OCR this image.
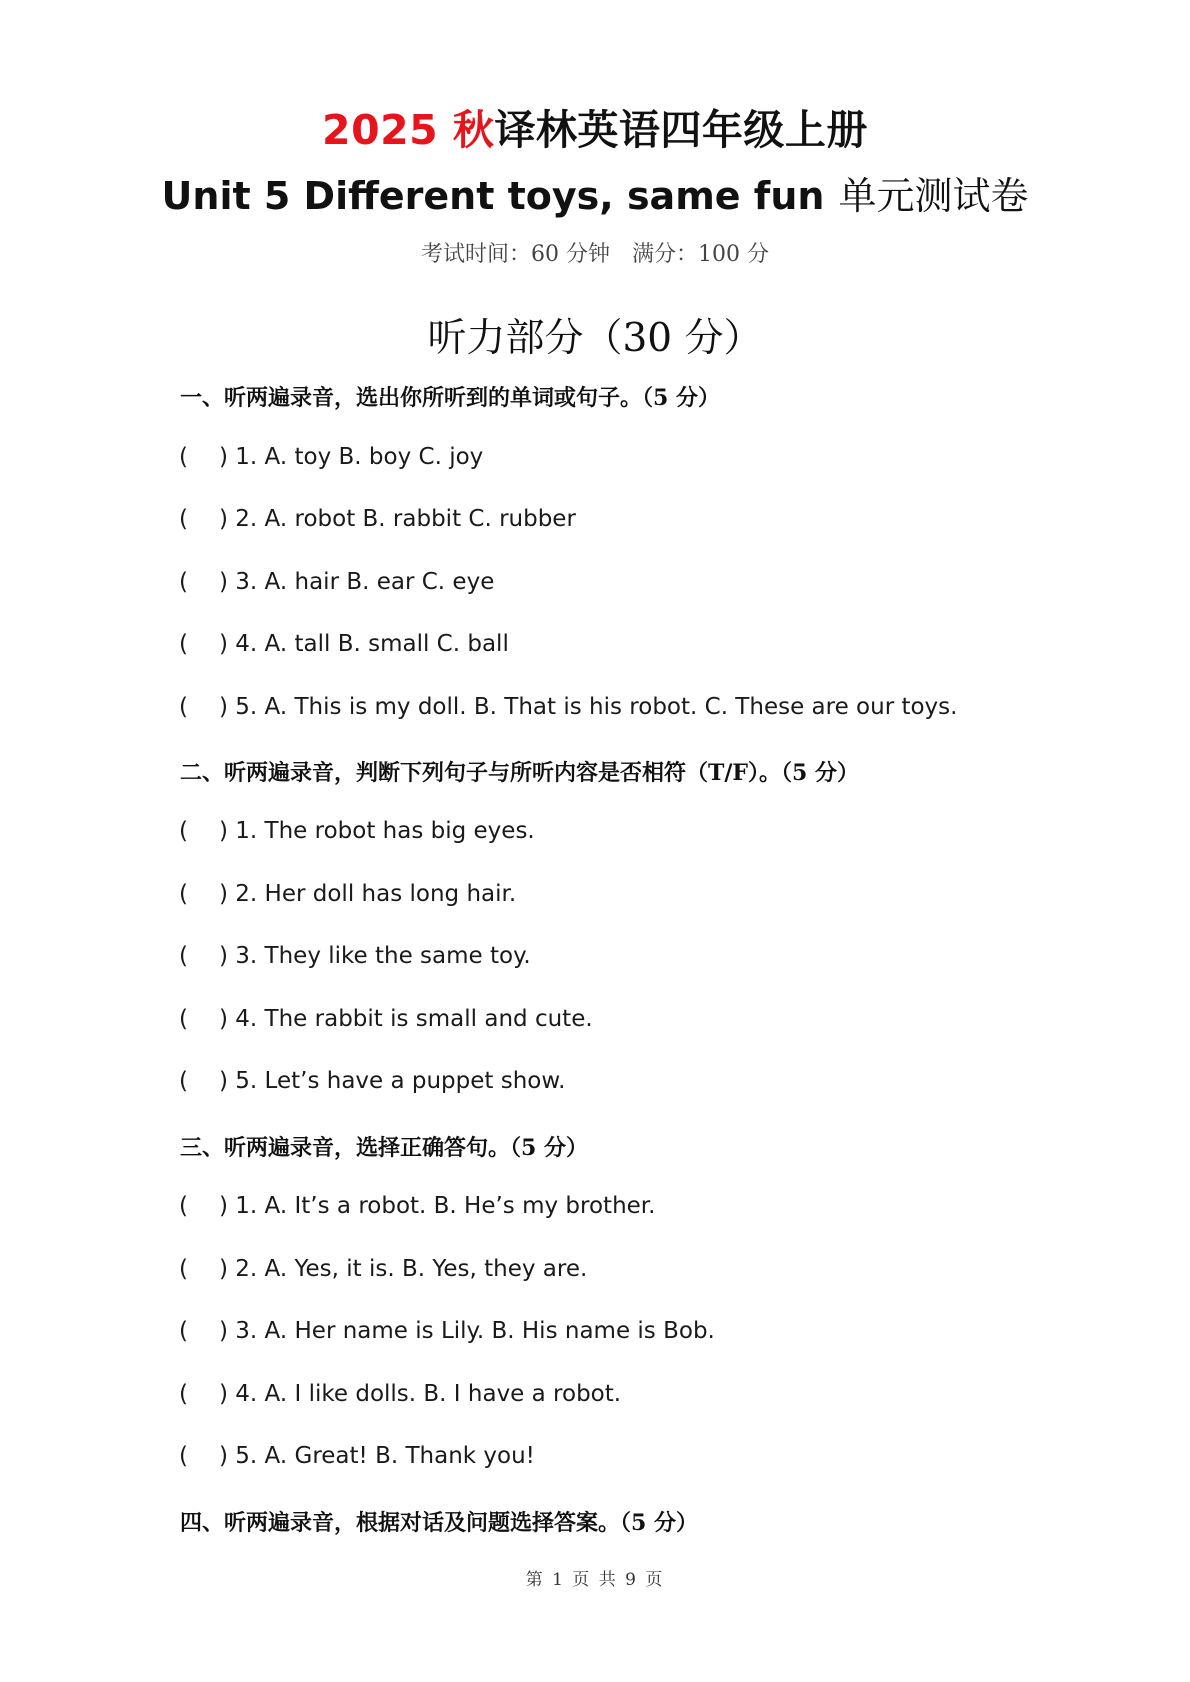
2025 秋译林英语四年级上册
Unit 5 Different toys, same fun 单元测试卷
考试时间：60 分钟 满分：100 分
听力部分（30 分）
一、听两遍录音，选出你所听到的单词或句子。（5 分）
( ) 1. A. toy B. boy C. joy
( ) 2. A. robot B. rabbit C. rubber
( ) 3. A. hair B. ear C. eye
( ) 4. A. tall B. small C. ball
( ) 5. A. This is my doll. B. That is his robot. C. These are our toys.
二、听两遍录音，判断下列句子与所听内容是否相符（T/F）。（5 分）
( ) 1. The robot has big eyes.
( ) 2. Her doll has long hair.
( ) 3. They like the same toy.
( ) 4. The rabbit is small and cute.
( ) 5. Let’s have a puppet show.
三、听两遍录音，选择正确答句。（5 分）
( ) 1. A. It’s a robot. B. He’s my brother.
( ) 2. A. Yes, it is. B. Yes, they are.
( ) 3. A. Her name is Lily. B. His name is Bob.
( ) 4. A. I like dolls. B. I have a robot.
( ) 5. A. Great! B. Thank you!
四、听两遍录音，根据对话及问题选择答案。（5 分）
第 1 页 共 9 页
